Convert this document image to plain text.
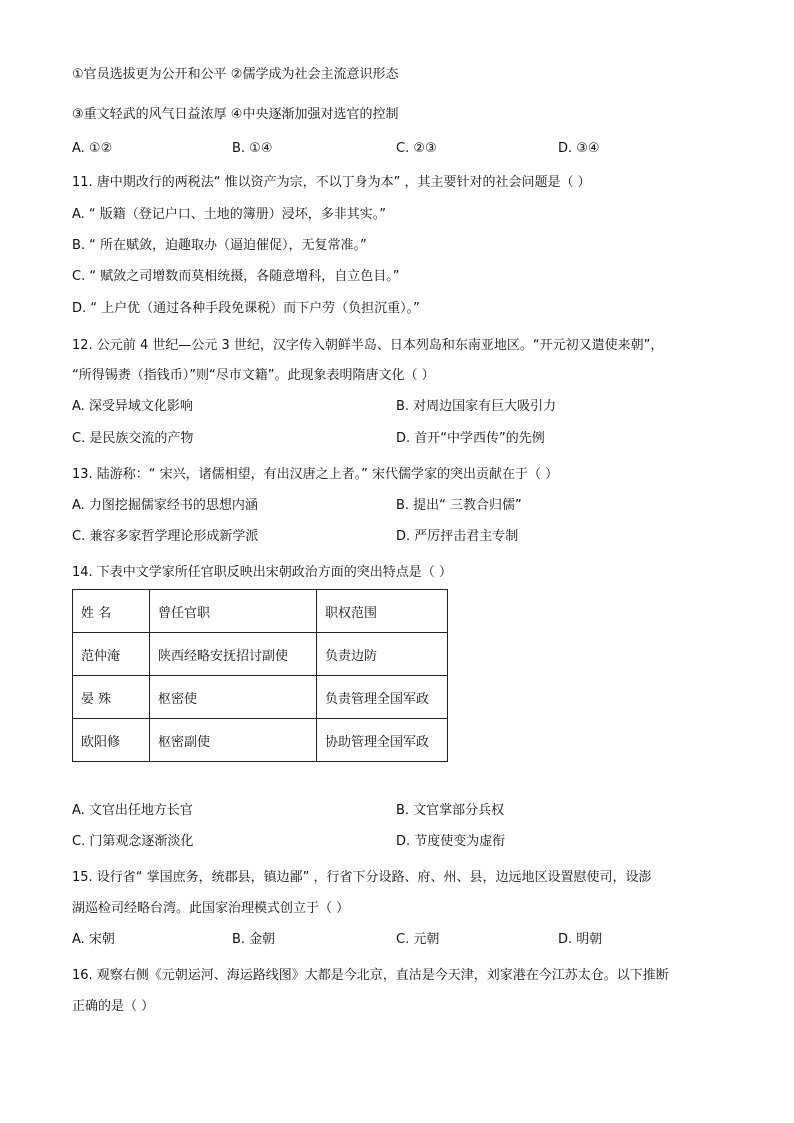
①官员选拔更为公开和公平 ②儒学成为社会主流意识形态
③重文轻武的风气日益浓厚 ④中央逐渐加强对选官的控制
A. ①②	B. ①④	C. ②③	D. ③④
11. 唐中期改行的两税法“ 惟以资产为宗，不以丁身为本” ，其主要针对的社会问题是（ ）
A. “ 版籍（登记户口、土地的簿册）浸坏，多非其实。”
B. “ 所在赋敛，迫趣取办（逼迫催促），无复常准。”
C. “ 赋敛之司增数而莫相统摄，各随意增科，自立色目。”
D. “ 上户优（通过各种手段免课税）而下户劳（负担沉重）。”
12. 公元前 4 世纪—公元 3 世纪，汉字传入朝鲜半岛、日本列岛和东南亚地区。“开元初又遣使来朝”，
“所得锡赉（指钱币）”则“尽市文籍”。此现象表明隋唐文化（ ）
A. 深受异域文化影响	B. 对周边国家有巨大吸引力
C. 是民族交流的产物	D. 首开“中学西传”的先例
13. 陆游称：“ 宋兴，诸儒相望，有出汉唐之上者。” 宋代儒学家的突出贡献在于（ ）
A. 力图挖掘儒家经书的思想内涵	B. 提出“ 三教合归儒”
C. 兼容多家哲学理论形成新学派	D. 严厉抨击君主专制
14. 下表中文学家所任官职反映出宋朝政治方面的突出特点是（ ）
姓 名	曾任官职	职权范围
范仲淹	陕西经略安抚招讨副使	负责边防
晏 殊	枢密使	负责管理全国军政
欧阳修	枢密副使	协助管理全国军政
A. 文官出任地方长官	B. 文官掌部分兵权
C. 门第观念逐渐淡化	D. 节度使变为虚衔
15. 设行省“ 掌国庶务，统郡县，镇边鄙” ，行省下分设路、府、州、县，边远地区设置慰使司，设澎
湖巡检司经略台湾。此国家治理模式创立于（ ）
A. 宋朝	B. 金朝	C. 元朝	D. 明朝
16. 观察右侧《元朝运河、海运路线图》大都是今北京，直沽是今天津，刘家港在今江苏太仓。以下推断
正确的是（ ）
